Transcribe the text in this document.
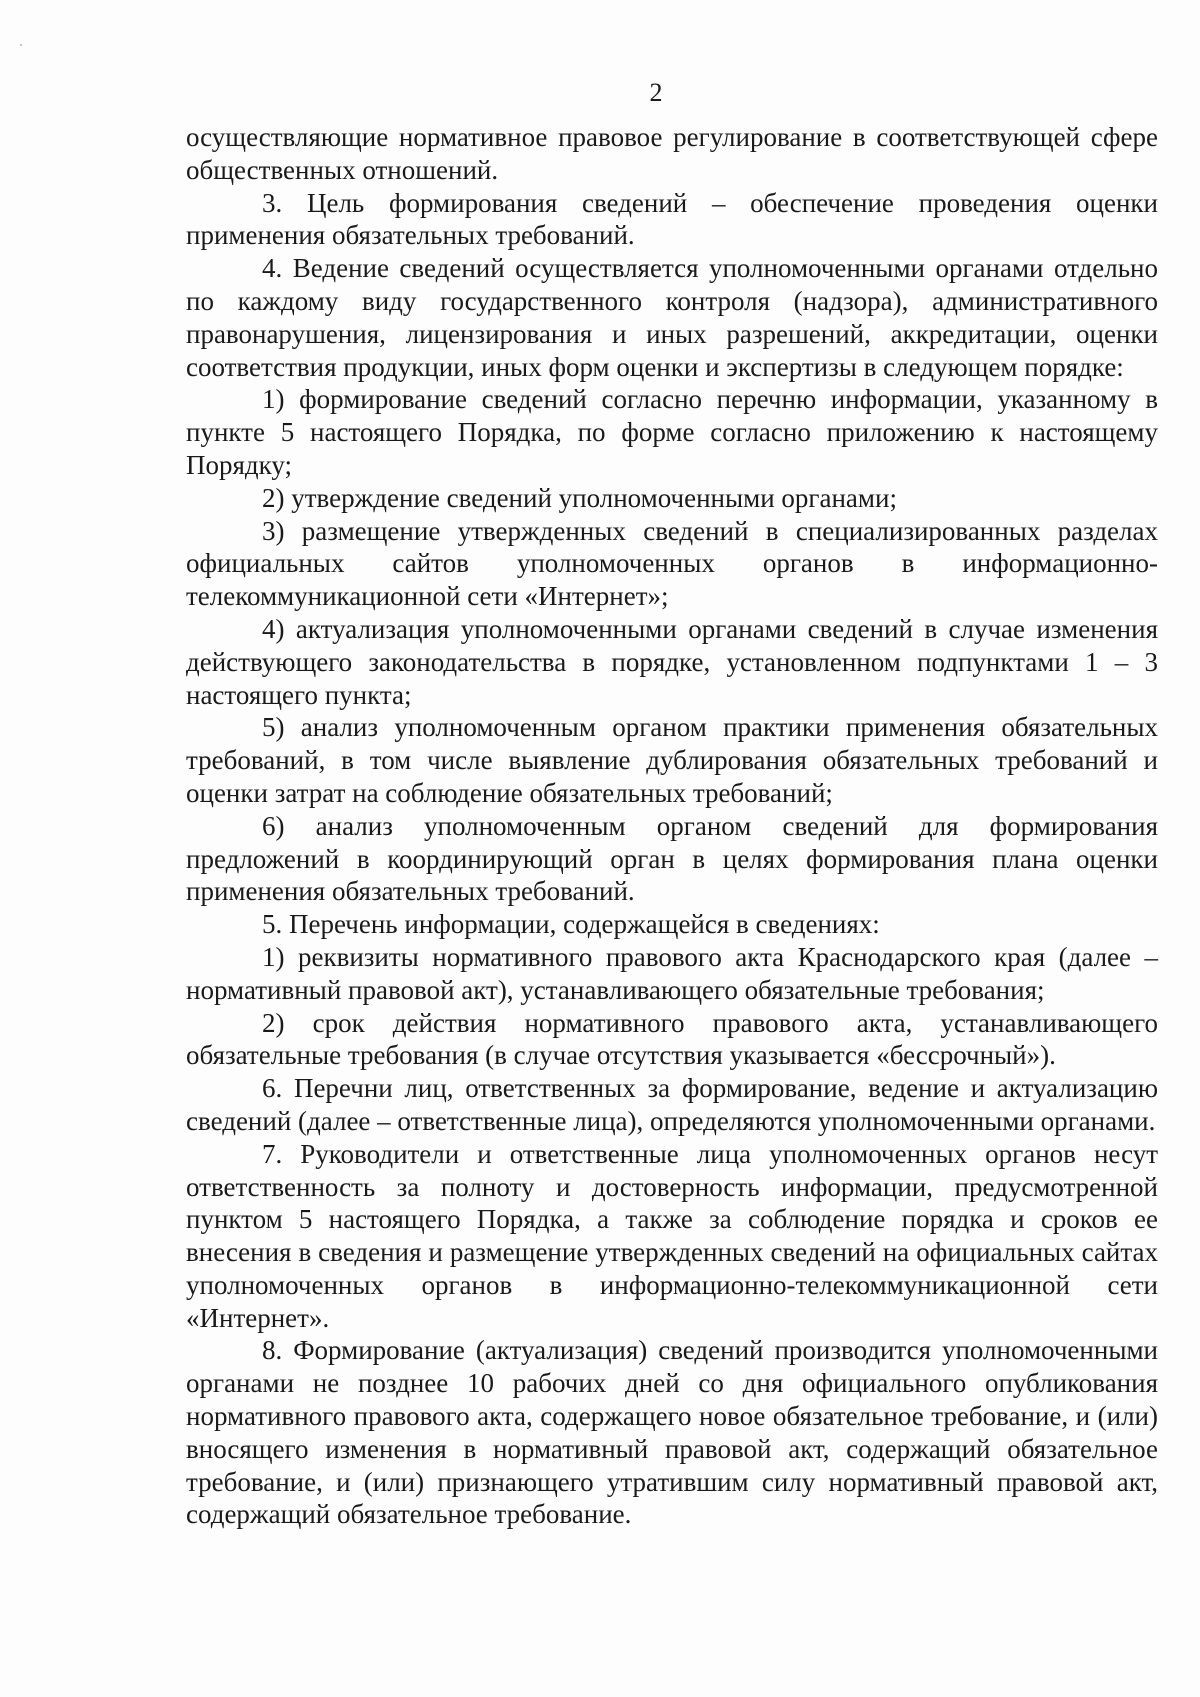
2

осуществляющие нормативное правовое регулирование в соответствующей сфере общественных отношений.

3. Цель формирования сведений – обеспечение проведения оценки применения обязательных требований.

4. Ведение сведений осуществляется уполномоченными органами отдельно по каждому виду государственного контроля (надзора), административного правонарушения, лицензирования и иных разрешений, аккредитации, оценки соответствия продукции, иных форм оценки и экспертизы в следующем порядке:

1) формирование сведений согласно перечню информации, указанному в пункте 5 настоящего Порядка, по форме согласно приложению к настоящему Порядку;

2) утверждение сведений уполномоченными органами;

3) размещение утвержденных сведений в специализированных разделах официальных сайтов уполномоченных органов в информационно-телекоммуникационной сети «Интернет»;

4) актуализация уполномоченными органами сведений в случае изменения действующего законодательства в порядке, установленном подпунктами 1 – 3 настоящего пункта;

5) анализ уполномоченным органом практики применения обязательных требований, в том числе выявление дублирования обязательных требований и оценки затрат на соблюдение обязательных требований;

6) анализ уполномоченным органом сведений для формирования предложений в координирующий орган в целях формирования плана оценки применения обязательных требований.

5. Перечень информации, содержащейся в сведениях:

1) реквизиты нормативного правового акта Краснодарского края (далее – нормативный правовой акт), устанавливающего обязательные требования;

2) срок действия нормативного правового акта, устанавливающего обязательные требования (в случае отсутствия указывается «бессрочный»).

6. Перечни лиц, ответственных за формирование, ведение и актуализацию сведений (далее – ответственные лица), определяются уполномоченными органами.

7. Руководители и ответственные лица уполномоченных органов несут ответственность за полноту и достоверность информации, предусмотренной пунктом 5 настоящего Порядка, а также за соблюдение порядка и сроков ее внесения в сведения и размещение утвержденных сведений на официальных сайтах уполномоченных органов в информационно-телекоммуникационной сети «Интернет».

8. Формирование (актуализация) сведений производится уполномоченными органами не позднее 10 рабочих дней со дня официального опубликования нормативного правового акта, содержащего новое обязательное требование, и (или) вносящего изменения в нормативный правовой акт, содержащий обязательное требование, и (или) признающего утратившим силу нормативный правовой акт, содержащий обязательное требование.
